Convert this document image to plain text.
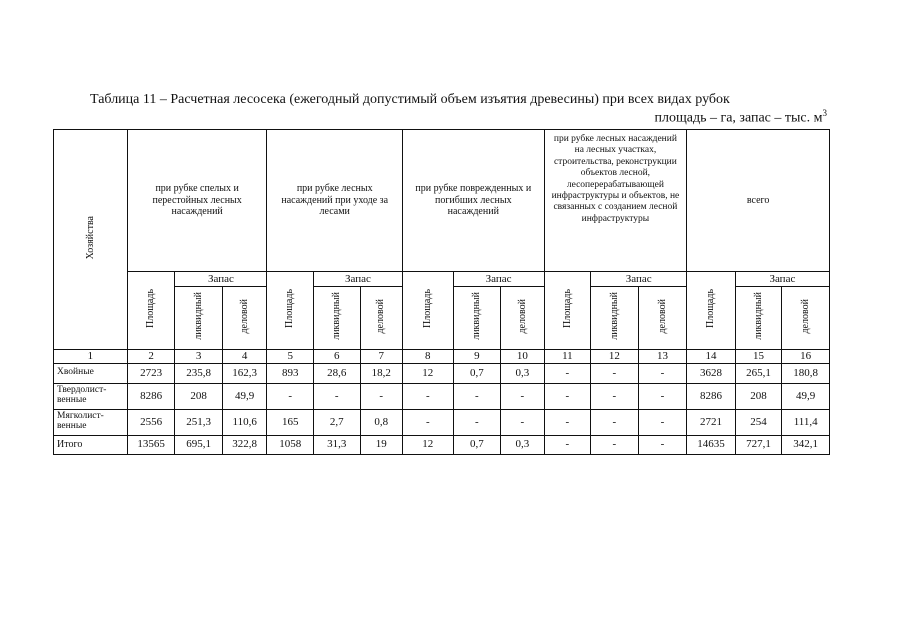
Таблица 11 – Расчетная лесосека (ежегодный допустимый объем изъятия древесины) при всех видах рубок
площадь – га, запас – тыс. $м^3$
Хозяйства	при рубке спелых и перестойных лесных насаждений			при рубке лесных насаждений при уходе за лесами			при рубке поврежденных и погибших лесных насаждений			при рубке лесных насаждений на лесных участках, строительства, реконструкции объектов лесной, лесоперерабатывающей инфраструктуры и объектов, не связанных с созданием лесной инфраструктуры			всего		
	Площадь	Запас		Площадь	Запас		Площадь	Запас		Площадь	Запас		Площадь	Запас	
		ликвидный	деловой		ликвидный	деловой		ликвидный	деловой		ликвидный	деловой		ликвидный	деловой
1	2	3	4	5	6	7	8	9	10	11	12	13	14	15	16
Хвойные	2723	235,8	162,3	893	28,6	18,2	12	0,7	0,3	-	-	-	3628	265,1	180,8
Твердолист-венные	8286	208	49,9	-	-	-	-	-	-	-	-	-	8286	208	49,9
Мягколист-венные	2556	251,3	110,6	165	2,7	0,8	-	-	-	-	-	-	2721	254	111,4
Итого	13565	695,1	322,8	1058	31,3	19	12	0,7	0,3	-	-	-	14635	727,1	342,1
